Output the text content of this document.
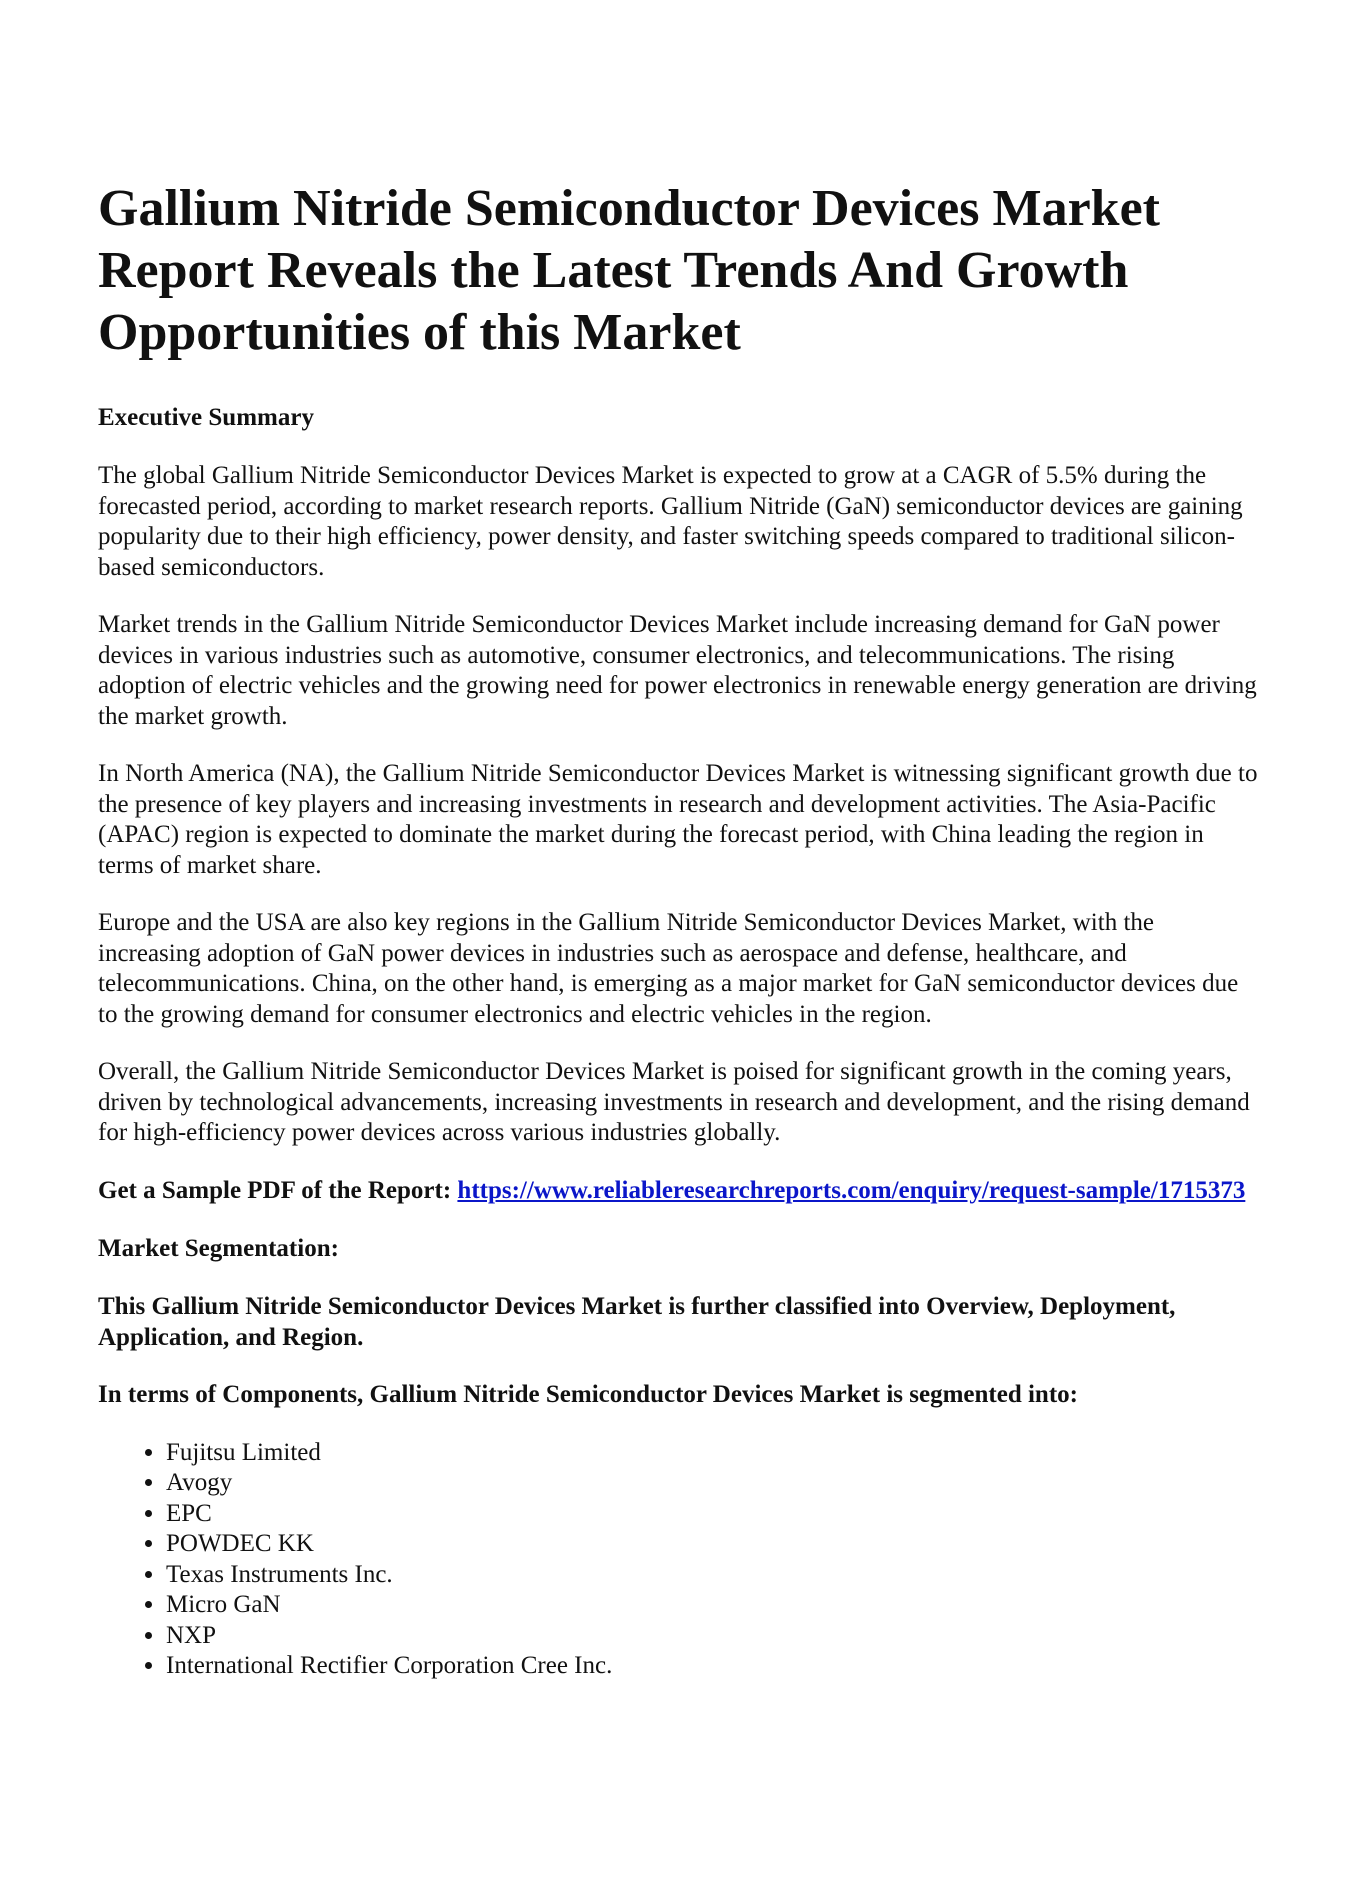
Gallium Nitride Semiconductor Devices Market Report Reveals the Latest Trends And Growth Opportunities of this Market
Executive Summary

The global Gallium Nitride Semiconductor Devices Market is expected to grow at a CAGR of 5.5% during the forecasted period, according to market research reports. Gallium Nitride (GaN) semiconductor devices are gaining popularity due to their high efficiency, power density, and faster switching speeds compared to traditional silicon-based semiconductors.

Market trends in the Gallium Nitride Semiconductor Devices Market include increasing demand for GaN power devices in various industries such as automotive, consumer electronics, and telecommunications. The rising adoption of electric vehicles and the growing need for power electronics in renewable energy generation are driving the market growth.

In North America (NA), the Gallium Nitride Semiconductor Devices Market is witnessing significant growth due to the presence of key players and increasing investments in research and development activities. The Asia-Pacific (APAC) region is expected to dominate the market during the forecast period, with China leading the region in terms of market share.

Europe and the USA are also key regions in the Gallium Nitride Semiconductor Devices Market, with the increasing adoption of GaN power devices in industries such as aerospace and defense, healthcare, and telecommunications. China, on the other hand, is emerging as a major market for GaN semiconductor devices due to the growing demand for consumer electronics and electric vehicles in the region.

Overall, the Gallium Nitride Semiconductor Devices Market is poised for significant growth in the coming years, driven by technological advancements, increasing investments in research and development, and the rising demand for high-efficiency power devices across various industries globally.

Get a Sample PDF of the Report: https://www.reliableresearchreports.com/enquiry/request-sample/1715373
Market Segmentation:
This Gallium Nitride Semiconductor Devices Market is further classified into Overview, Deployment, Application, and Region.
In terms of Components, Gallium Nitride Semiconductor Devices Market is segmented into:
• Fujitsu Limited
• Avogy
• EPC
• POWDEC KK
• Texas Instruments Inc.
• Micro GaN
• NXP
• International Rectifier Corporation Cree Inc.
